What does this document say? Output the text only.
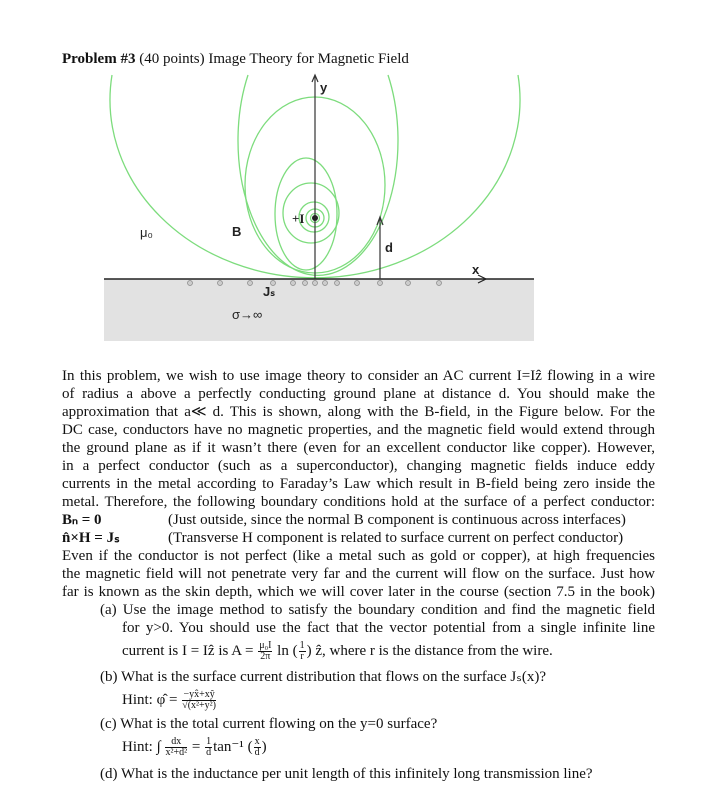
Problem #3 (40 points) Image Theory for Magnetic Field
y
x
+I
μ₀	B
d
Jₛ
σ→∞
In this problem, we wish to use image theory to consider an AC current I=Iẑ flowing in a wire
of radius a above a perfectly conducting ground plane at distance d. You should make the
approximation that a≪ d. This is shown, along with the B-field, in the Figure below. For the
DC case, conductors have no magnetic properties, and the magnetic field would extend through
the ground plane as if it wasn’t there (even for an excellent conductor like copper). However,
in a perfect conductor (such as a superconductor), changing magnetic fields induce eddy
currents in the metal according to Faraday’s Law which result in B-field being zero inside the
metal. Therefore, the following boundary conditions hold at the surface of a perfect conductor:
Bₙ = 0	(Just outside, since the normal B component is continuous across interfaces)
n̂×H = Jₛ	(Transverse H component is related to surface current on perfect conductor)
Even if the conductor is not perfect (like a metal such as gold or copper), at high frequencies
the magnetic field will not penetrate very far and the current will flow on the surface. Just how
far is known as the skin depth, which we will cover later in the course (section 7.5 in the book)
(a) Use the image method to satisfy the boundary condition and find the magnetic field
for y>0. You should use the fact that the vector potential from a single infinite line
current is I = Iẑ is $A = \frac{\text{μ₀I}}{2\pi}$ ln ( $\frac{1}{r}$ ) ẑ, where r is the distance from the wire.
(b) What is the surface current distribution that flows on the surface Jₛ(x)?
Hint: φ̂ = $\frac{-yx̂+xŷ}{\text{√(x²+y²)}}$
(c) What is the total current flowing on the y=0 surface?
Hint: ∫ $\frac{dx}{\text{x²+d²}} = \frac{1}{d} \tan^{-1}$ ( $\frac{x}{d}$ )
(d) What is the inductance per unit length of this infinitely long transmission line?
